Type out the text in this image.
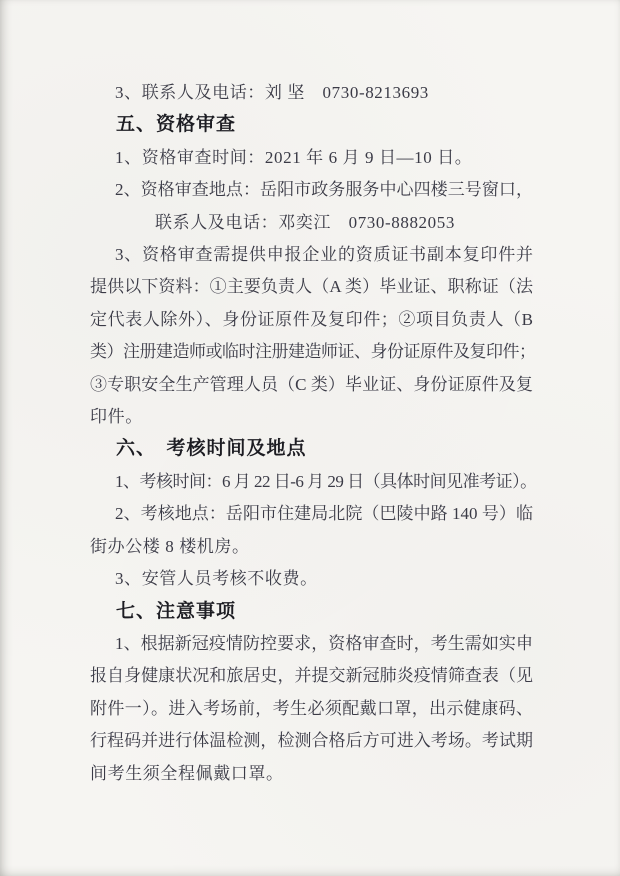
3、联系人及电话：刘 坚　0730-8213693
五、资格审查
1、资格审查时间：2021 年 6 月 9 日—10 日。
2、资格审查地点：岳阳市政务服务中心四楼三号窗口，
联系人及电话：邓奕江　0730-8882053
3、资格审查需提供申报企业的资质证书副本复印件并
提供以下资料：①主要负责人（A 类）毕业证、职称证（法
定代表人除外）、身份证原件及复印件；②项目负责人（B
类）注册建造师或临时注册建造师证、身份证原件及复印件；
③专职安全生产管理人员（C 类）毕业证、身份证原件及复
印件。
六、　考核时间及地点
1、考核时间：6 月 22 日-6 月 29 日（具体时间见准考证）。
2、考核地点：岳阳市住建局北院（巴陵中路 140 号）临
街办公楼 8 楼机房。
3、安管人员考核不收费。
七、注意事项
1、根据新冠疫情防控要求，资格审查时，考生需如实申
报自身健康状况和旅居史，并提交新冠肺炎疫情筛查表（见
附件一）。进入考场前，考生必须配戴口罩，出示健康码、
行程码并进行体温检测，检测合格后方可进入考场。考试期
间考生须全程佩戴口罩。
